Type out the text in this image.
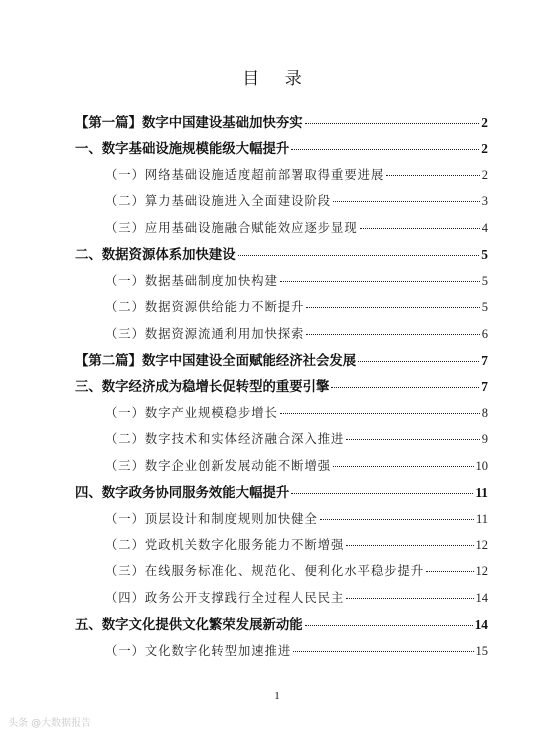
目 录
【第一篇】数字中国建设基础加快夯实	2
一、数字基础设施规模能级大幅提升	2
（一）网络基础设施适度超前部署取得重要进展	2
（二）算力基础设施进入全面建设阶段	3
（三）应用基础设施融合赋能效应逐步显现	4
二、数据资源体系加快建设	5
（一）数据基础制度加快构建	5
（二）数据资源供给能力不断提升	5
（三）数据资源流通利用加快探索	6
【第二篇】数字中国建设全面赋能经济社会发展	7
三、数字经济成为稳增长促转型的重要引擎	7
（一）数字产业规模稳步增长	8
（二）数字技术和实体经济融合深入推进	9
（三）数字企业创新发展动能不断增强	10
四、数字政务协同服务效能大幅提升	11
（一）顶层设计和制度规则加快健全	11
（二）党政机关数字化服务能力不断增强	12
（三）在线服务标准化、规范化、便利化水平稳步提升	12
（四）政务公开支撑践行全过程人民民主	14
五、数字文化提供文化繁荣发展新动能	14
（一）文化数字化转型加速推进	15
1
头条 @大数据报告
